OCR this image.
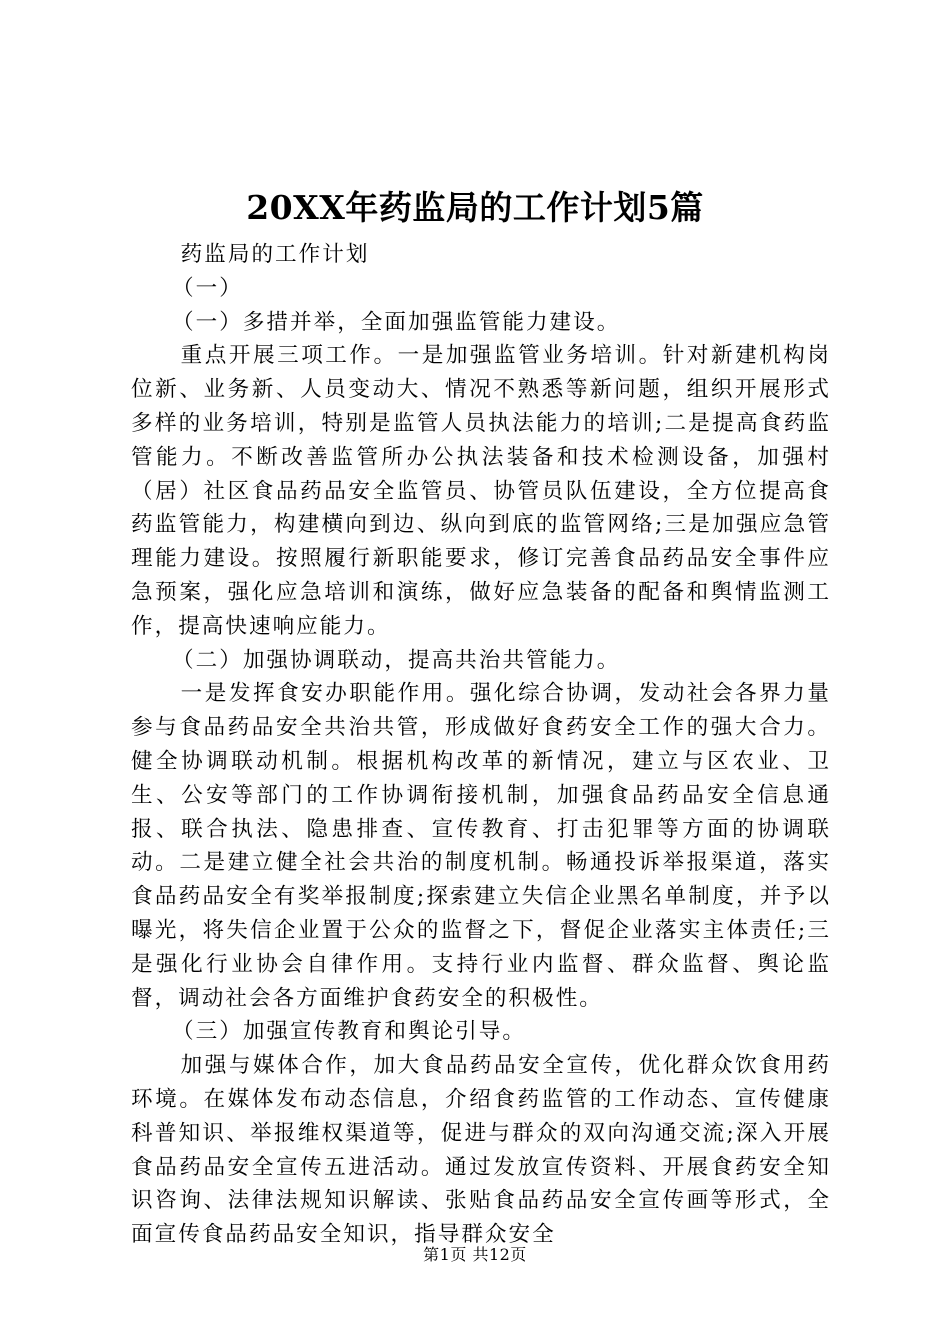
20XX年药监局的工作计划5篇

药监局的工作计划

（一）

（一）多措并举，全面加强监管能力建设。

重点开展三项工作。一是加强监管业务培训。针对新建机构岗位新、业务新、人员变动大、情况不熟悉等新问题，组织开展形式多样的业务培训，特别是监管人员执法能力的培训;二是提高食药监管能力。不断改善监管所办公执法装备和技术检测设备，加强村（居）社区食品药品安全监管员、协管员队伍建设，全方位提高食药监管能力，构建横向到边、纵向到底的监管网络;三是加强应急管理能力建设。按照履行新职能要求，修订完善食品药品安全事件应急预案，强化应急培训和演练，做好应急装备的配备和舆情监测工作，提高快速响应能力。

（二）加强协调联动，提高共治共管能力。

一是发挥食安办职能作用。强化综合协调，发动社会各界力量参与食品药品安全共治共管，形成做好食药安全工作的强大合力。健全协调联动机制。根据机构改革的新情况，建立与区农业、卫生、公安等部门的工作协调衔接机制，加强食品药品安全信息通报、联合执法、隐患排查、宣传教育、打击犯罪等方面的协调联动。二是建立健全社会共治的制度机制。畅通投诉举报渠道，落实食品药品安全有奖举报制度;探索建立失信企业黑名单制度，并予以曝光，将失信企业置于公众的监督之下，督促企业落实主体责任;三是强化行业协会自律作用。支持行业内监督、群众监督、舆论监督，调动社会各方面维护食药安全的积极性。

（三）加强宣传教育和舆论引导。

加强与媒体合作，加大食品药品安全宣传，优化群众饮食用药环境。在媒体发布动态信息，介绍食药监管的工作动态、宣传健康科普知识、举报维权渠道等，促进与群众的双向沟通交流;深入开展食品药品安全宣传五进活动。通过发放宣传资料、开展食药安全知识咨询、法律法规知识解读、张贴食品药品安全宣传画等形式，全面宣传食品药品安全知识，指导群众安全

第1页 共12页
